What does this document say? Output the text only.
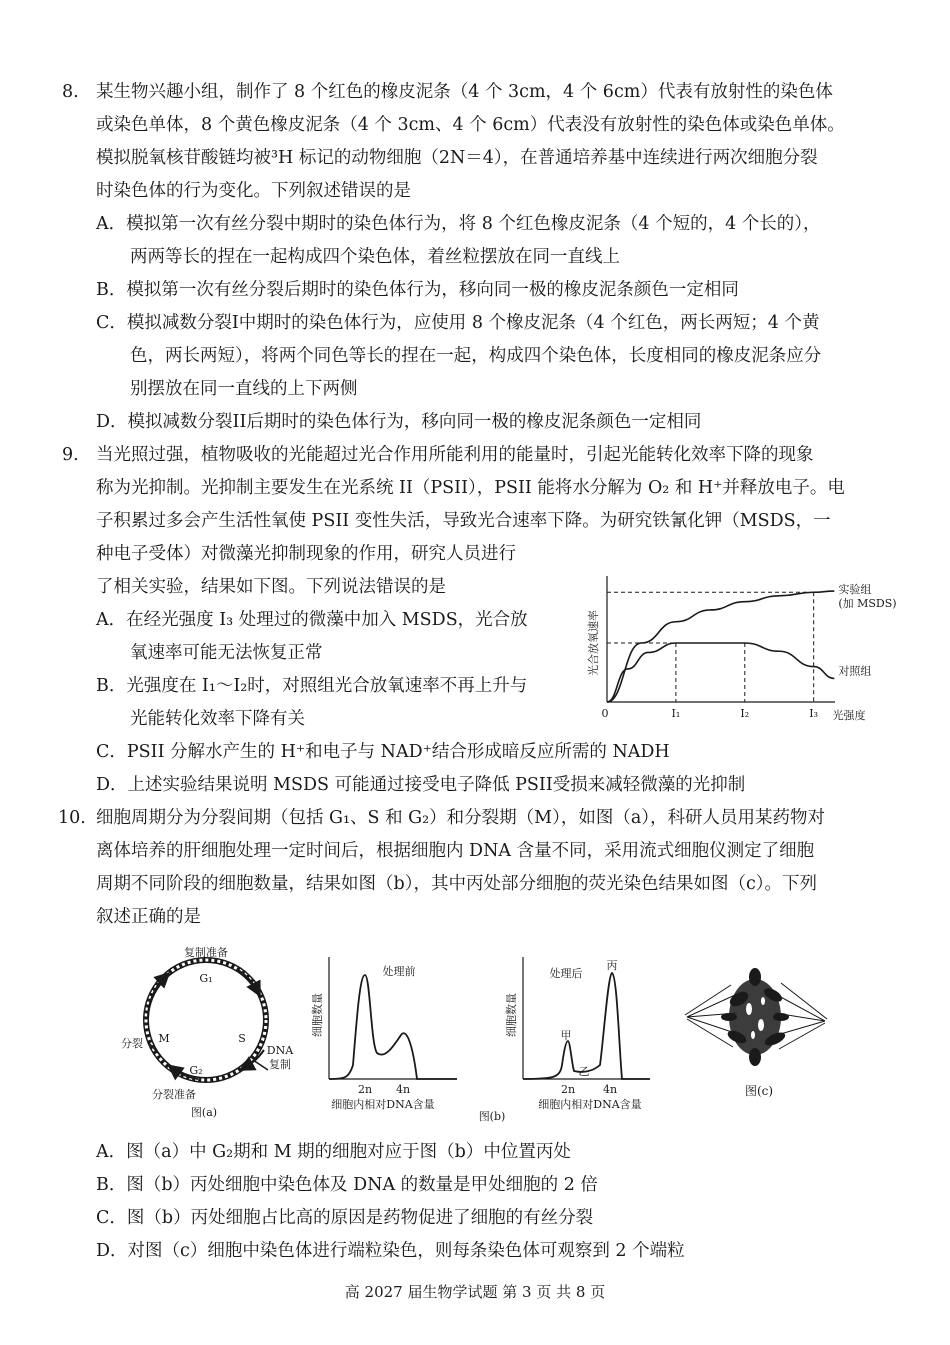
8. 某生物兴趣小组，制作了 8 个红色的橡皮泥条（4 个 3cm，4 个 6cm）代表有放射性的染色体
或染色单体，8 个黄色橡皮泥条（4 个 3cm、4 个 6cm）代表没有放射性的染色体或染色单体。
模拟脱氧核苷酸链均被³H 标记的动物细胞（2N＝4），在普通培养基中连续进行两次细胞分裂
时染色体的行为变化。下列叙述错误的是
A．模拟第一次有丝分裂中期时的染色体行为，将 8 个红色橡皮泥条（4 个短的，4 个长的），
两两等长的捏在一起构成四个染色体，着丝粒摆放在同一直线上
B．模拟第一次有丝分裂后期时的染色体行为，移向同一极的橡皮泥条颜色一定相同
C．模拟减数分裂I中期时的染色体行为，应使用 8 个橡皮泥条（4 个红色，两长两短；4 个黄
色，两长两短），将两个同色等长的捏在一起，构成四个染色体，长度相同的橡皮泥条应分
别摆放在同一直线的上下两侧
D．模拟减数分裂II后期时的染色体行为，移向同一极的橡皮泥条颜色一定相同
9. 当光照过强，植物吸收的光能超过光合作用所能利用的能量时，引起光能转化效率下降的现象
称为光抑制。光抑制主要发生在光系统 II（PSII），PSII 能将水分解为 O₂ 和 H⁺并释放电子。电
子积累过多会产生活性氧使 PSII 变性失活，导致光合速率下降。为研究铁氰化钾（MSDS，一
种电子受体）对微藻光抑制现象的作用，研究人员进行
了相关实验，结果如下图。下列说法错误的是
A．在经光强度 I₃ 处理过的微藻中加入 MSDS，光合放
氧速率可能无法恢复正常
B．光强度在 I₁～I₂时，对照组光合放氧速率不再上升与
光能转化效率下降有关
C．PSII 分解水产生的 H⁺和电子与 NAD⁺结合形成暗反应所需的 NADH
D．上述实验结果说明 MSDS 可能通过接受电子降低 PSII受损来减轻微藻的光抑制
光合放氧速率
光强度
0	I₁	I₂	I₃
实验组
(加 MSDS)
对照组
10. 细胞周期分为分裂间期（包括 G₁、S 和 G₂）和分裂期（M），如图（a），科研人员用某药物对
离体培养的肝细胞处理一定时间后，根据细胞内 DNA 含量不同，采用流式细胞仪测定了细胞
周期不同阶段的细胞数量，结果如图（b），其中丙处部分细胞的荧光染色结果如图（c）。下列
叙述正确的是
复制准备
G₁
S
M
G₂
分裂
DNA
复制
分裂准备
图(a)
处理前
细胞数量
2n 4n
细胞内相对DNA含量
处理后
细胞数量	甲
乙
丙
2n	4n
细胞内相对DNA含量
图(b)
图(c)
A．图（a）中 G₂期和 M 期的细胞对应于图（b）中位置丙处
B．图（b）丙处细胞中染色体及 DNA 的数量是甲处细胞的 2 倍
C．图（b）丙处细胞占比高的原因是药物促进了细胞的有丝分裂
D．对图（c）细胞中染色体进行端粒染色，则每条染色体可观察到 2 个端粒
高 2027 届生物学试题 第 3 页 共 8 页
